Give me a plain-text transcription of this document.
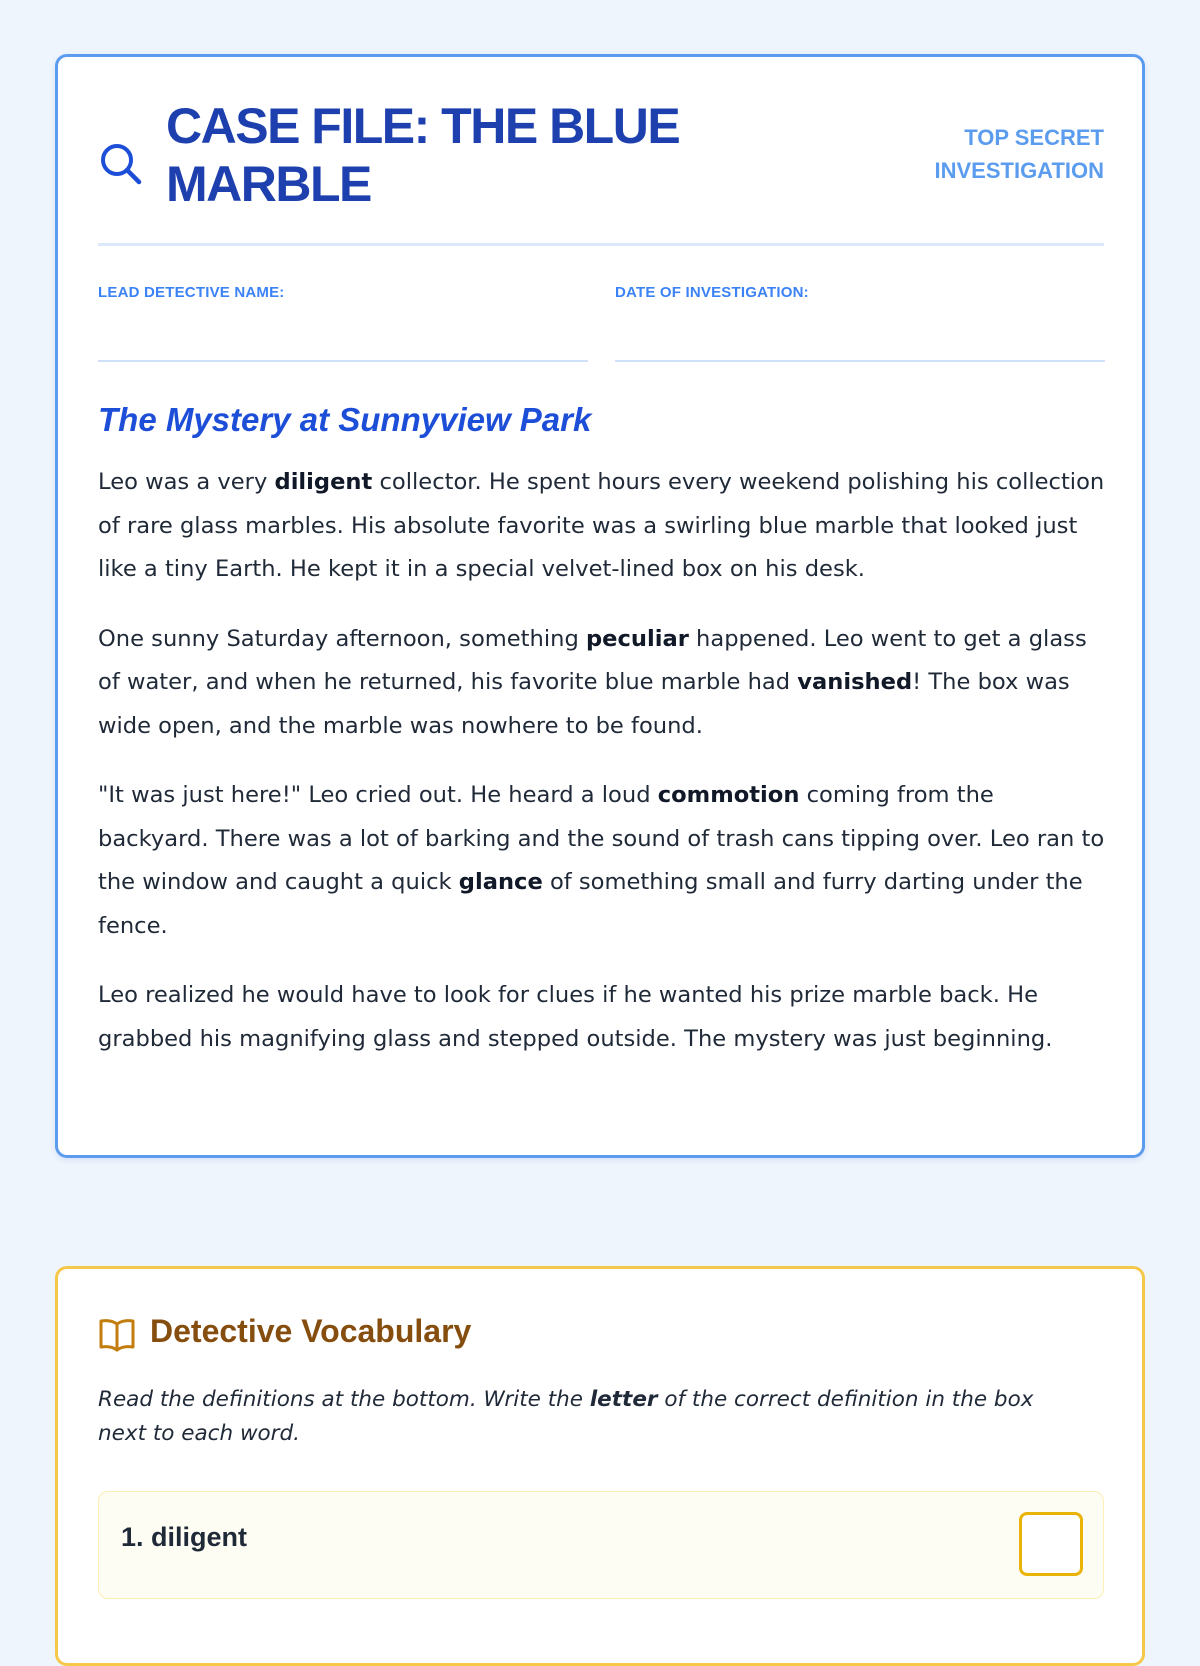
CASE FILE: THE BLUE MARBLE
TOP SECRET
INVESTIGATION
LEAD DETECTIVE NAME:	DATE OF INVESTIGATION:
The Mystery at Sunnyview Park

Leo was a very diligent collector. He spent hours every weekend polishing his collection of rare glass marbles. His absolute favorite was a swirling blue marble that looked just like a tiny Earth. He kept it in a special velvet-lined box on his desk.

One sunny Saturday afternoon, something peculiar happened. Leo went to get a glass of water, and when he returned, his favorite blue marble had vanished! The box was wide open, and the marble was nowhere to be found.

"It was just here!" Leo cried out. He heard a loud commotion coming from the backyard. There was a lot of barking and the sound of trash cans tipping over. Leo ran to the window and caught a quick glance of something small and furry darting under the fence.

Leo realized he would have to look for clues if he wanted his prize marble back. He grabbed his magnifying glass and stepped outside. The mystery was just beginning.

Detective Vocabulary

Read the definitions at the bottom. Write the letter of the correct definition in the box next to each word.

1. diligent
